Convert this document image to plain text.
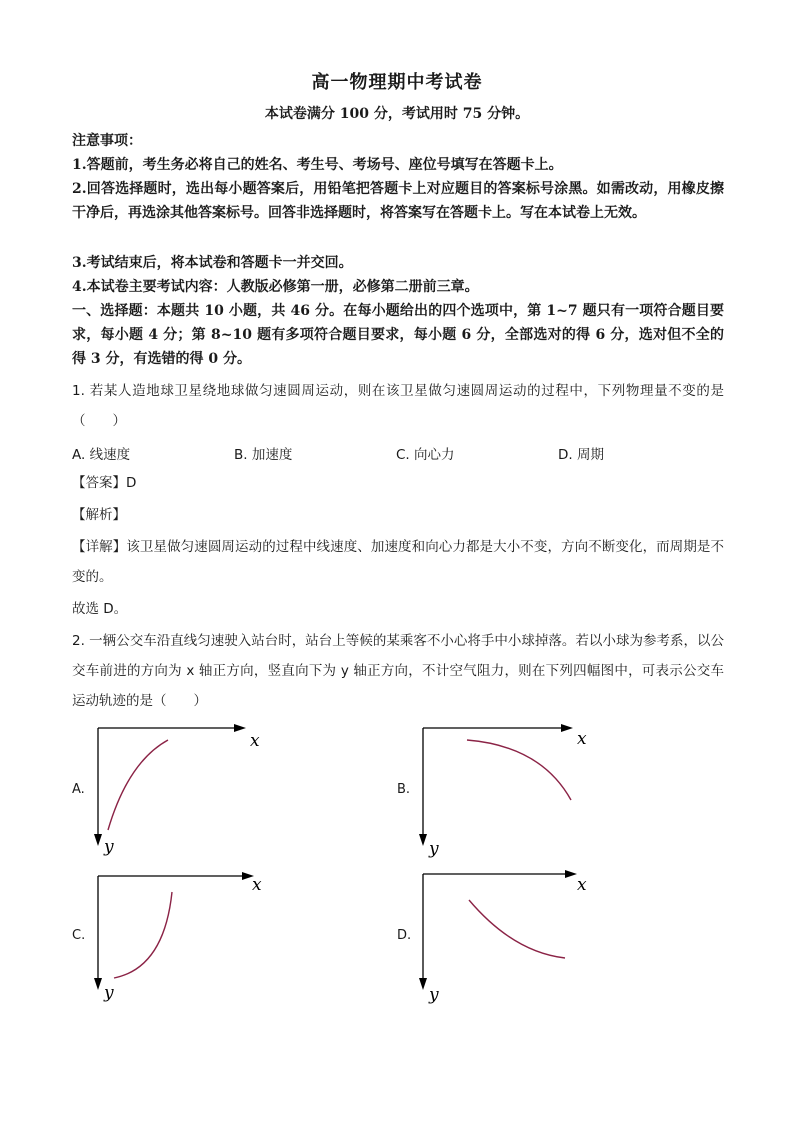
高一物理期中考试卷
本试卷满分 100 分，考试用时 75 分钟。
注意事项：
1.答题前，考生务必将自己的姓名、考生号、考场号、座位号填写在答题卡上。
2.回答选择题时，选出每小题答案后，用铅笔把答题卡上对应题目的答案标号涂黑。如需改动，用橡皮擦干净后，再选涂其他答案标号。回答非选择题时，将答案写在答题卡上。写在本试卷上无效。
3.考试结束后，将本试卷和答题卡一并交回。
4.本试卷主要考试内容：人教版必修第一册，必修第二册前三章。
一、选择题：本题共 10 小题，共 46 分。在每小题给出的四个选项中，第 1~7 题只有一项符合题目要求，每小题 4 分；第 8~10 题有多项符合题目要求，每小题 6 分，全部选对的得 6 分，选对但不全的得 3 分，有选错的得 0 分。
1. 若某人造地球卫星绕地球做匀速圆周运动，则在该卫星做匀速圆周运动的过程中，下列物理量不变的是（　　）
A. 线速度	B. 加速度	C. 向心力	D. 周期
【答案】D
【解析】
【详解】该卫星做匀速圆周运动的过程中线速度、加速度和向心力都是大小不变，方向不断变化，而周期是不变的。
故选 D。
2. 一辆公交车沿直线匀速驶入站台时，站台上等候的某乘客不小心将手中小球掉落。若以小球为参考系，以公交车前进的方向为 x 轴正方向，竖直向下为 y 轴正方向，不计空气阻力，则在下列四幅图中，可表示公交车运动轨迹的是（　　）
A.
x
y
B.
x
y
C.
x
y
D.
x
y
